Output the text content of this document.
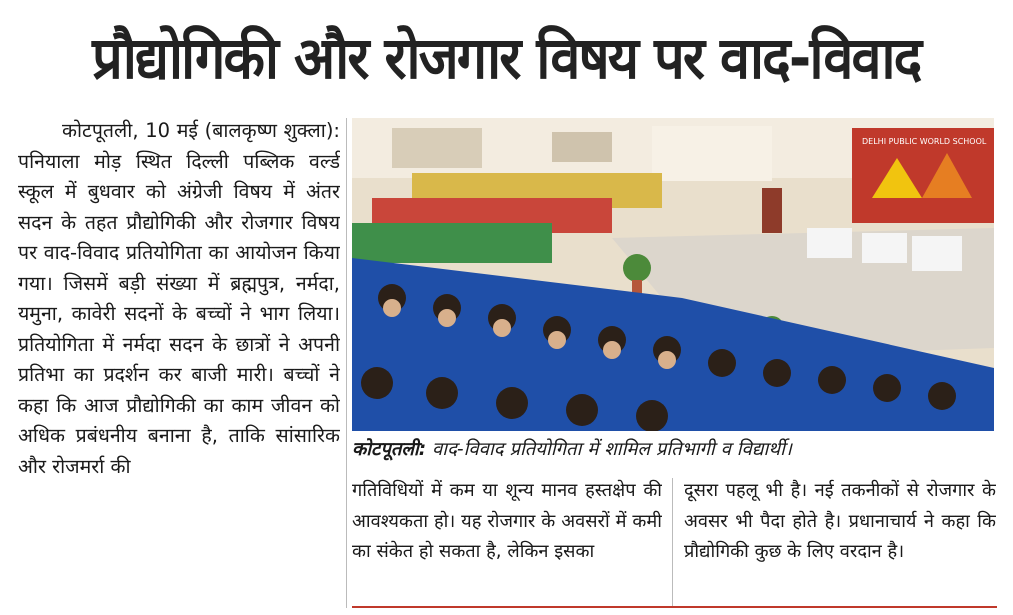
प्रौद्योगिकी और रोजगार विषय पर वाद-विवाद

कोटपूतली, 10 मई (बालकृष्ण शुक्ला): पनियाला मोड़ स्थित दिल्ली पब्लिक वर्ल्ड स्कूल में बुधवार को अंग्रेजी विषय में अंतर सदन के तहत प्रौद्योगिकी और रोजगार विषय पर वाद-विवाद प्रतियोगिता का आयोजन किया गया। जिसमें बड़ी संख्या में ब्रह्मपुत्र, नर्मदा, यमुना, कावेरी सदनों के बच्चों ने भाग लिया। प्रतियोगिता में नर्मदा सदन के छात्रों ने अपनी प्रतिभा का प्रदर्शन कर बाजी मारी। बच्चों ने कहा कि आज प्रौद्योगिकी का काम जीवन को अधिक प्रबंधनीय बनाना है, ताकि सांसारिक और रोजमर्रा की

DELHI PUBLIC WORLD SCHOOL
कोटपूतली: वाद-विवाद प्रतियोगिता में शामिल प्रतिभागी व विद्यार्थी।

गतिविधियों में कम या शून्य मानव हस्तक्षेप की आवश्यकता हो। यह रोजगार के अवसरों में कमी का संकेत हो सकता है, लेकिन इसका

दूसरा पहलू भी है। नई तकनीकों से रोजगार के अवसर भी पैदा होते है। प्रधानाचार्य ने कहा कि प्रौद्योगिकी कुछ के लिए वरदान है।
